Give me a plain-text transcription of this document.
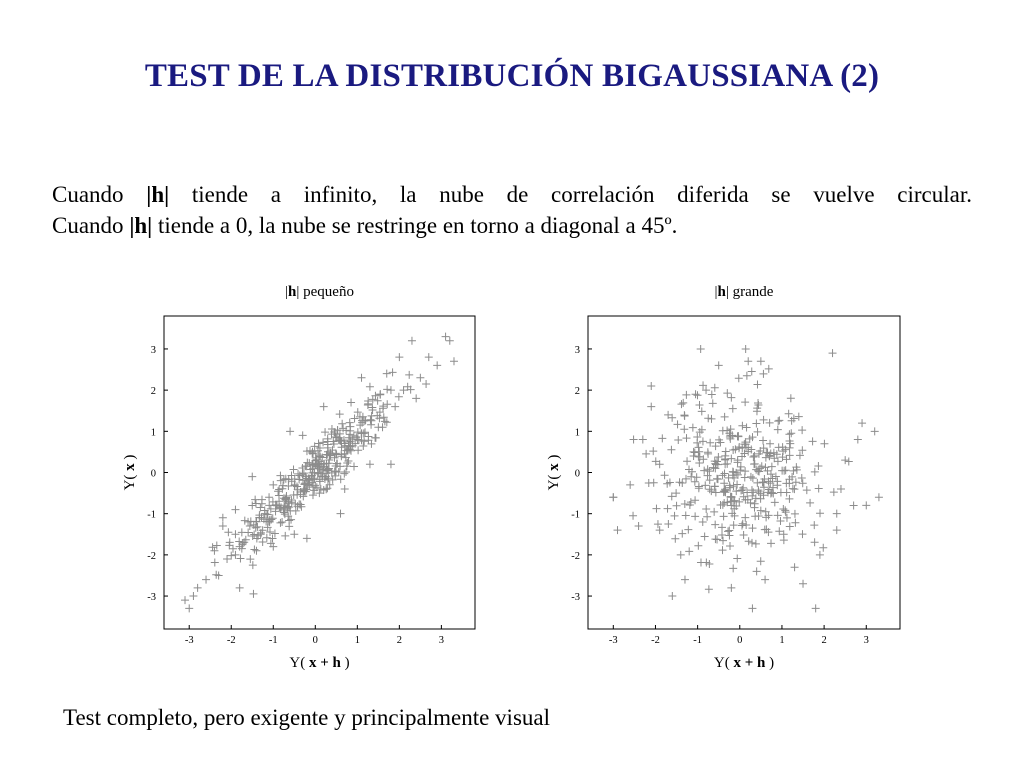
TEST DE LA DISTRIBUCIÓN BIGAUSSIANA (2)
Cuando |h| tiende a infinito, la nube de correlación diferida se vuelve circular.
Cuando |h| tiende a 0, la nube se restringe en torno a diagonal a 45º.
-3	-2	-1	0	1	2	3
-3
-2
-1
0
1
2
3
|h| pequeño
Y( x + h )
Y( x )
-3	-2	-1	0	1	2	3
-3
-2
-1
0
1
2
3
|h| grande
Y( x + h )
Y( x )
Test completo, pero exigente y principalmente visual
